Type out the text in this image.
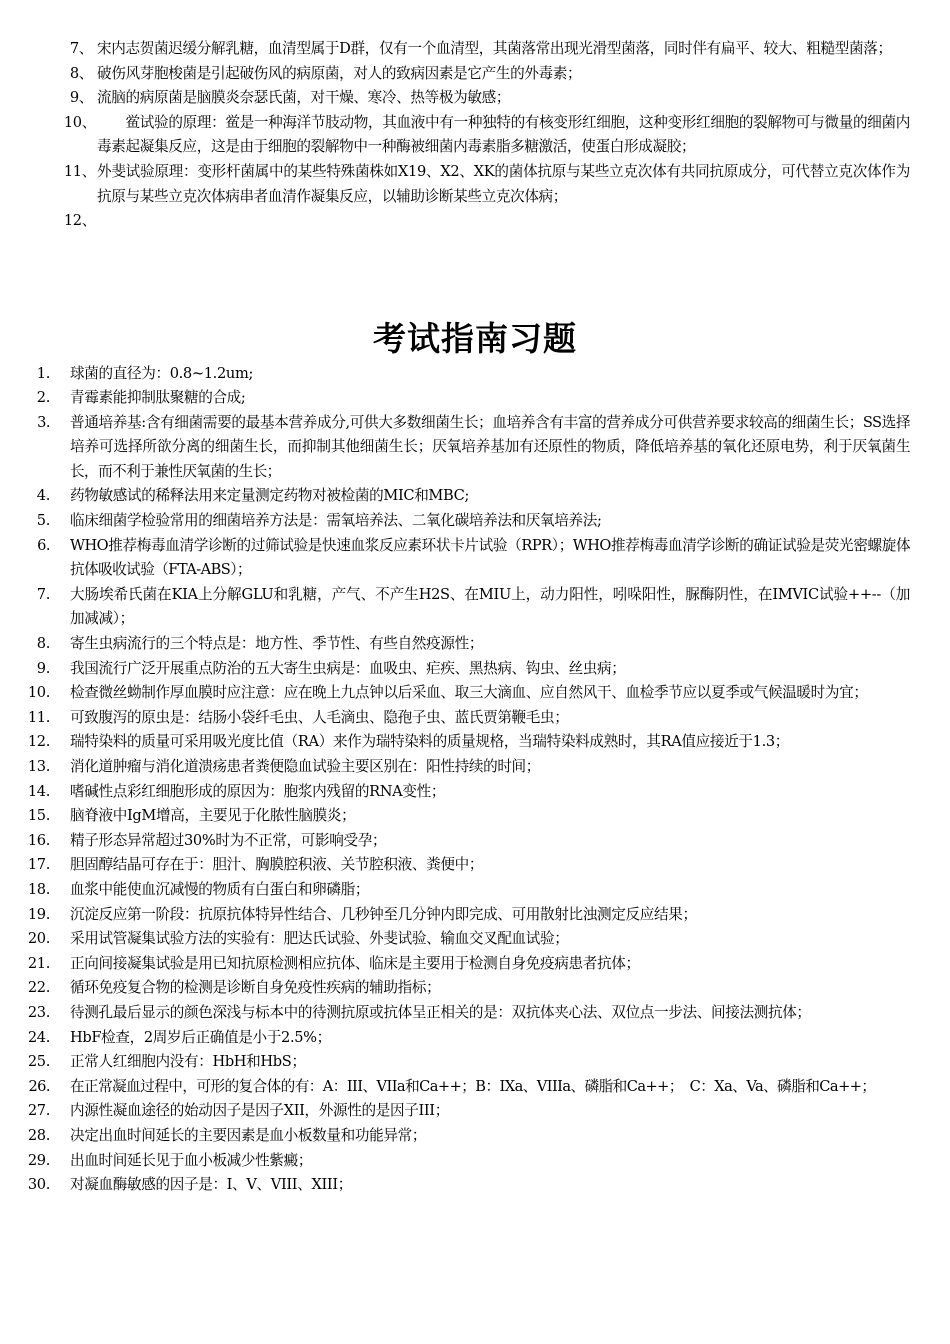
7、 宋内志贺菌迟缓分解乳糖，血清型属于D群，仅有一个血清型，其菌落常出现光滑型菌落，同时伴有扁平、较大、粗糙型菌落；
8、 破伤风芽胞梭菌是引起破伤风的病原菌，对人的致病因素是它产生的外毒素；
9、 流脑的病原菌是脑膜炎奈瑟氏菌，对干燥、寒冷、热等极为敏感；
10、 　　鲎试验的原理：鲎是一种海洋节肢动物，其血液中有一种独特的有核变形红细胞，这种变形红细胞的裂解物可与微量的细菌内毒素起凝集反应，这是由于细胞的裂解物中一种酶被细菌内毒素脂多糖激活，使蛋白形成凝胶；
11、 外斐试验原理：变形杆菌属中的某些特殊菌株如X19、X2、XK的菌体抗原与某些立克次体有共同抗原成分，可代替立克次体作为抗原与某些立克次体病串者血清作凝集反应，以辅助诊断某些立克次体病；
12、
考试指南习题
1. 球菌的直径为：0.8~1.2um;
2. 青霉素能抑制肽聚糖的合成;
3. 普通培养基:含有细菌需要的最基本营养成分,可供大多数细菌生长；血培养含有丰富的营养成分可供营养要求较高的细菌生长；SS选择培养可选择所欲分离的细菌生长，而抑制其他细菌生长；厌氧培养基加有还原性的物质，降低培养基的氧化还原电势，利于厌氧菌生长，而不利于兼性厌氧菌的生长；
4. 药物敏感试的稀释法用来定量测定药物对被检菌的MIC和MBC;
5. 临床细菌学检验常用的细菌培养方法是：需氧培养法、二氧化碳培养法和厌氧培养法;
6. WHO推荐梅毒血清学诊断的过筛试验是快速血浆反应素环状卡片试验（RPR）；WHO推荐梅毒血清学诊断的确证试验是荧光密螺旋体抗体吸收试验（FTA-ABS）；
7. 大肠埃希氏菌在KIA上分解GLU和乳糖，产气、不产生H2S、在MIU上，动力阳性，吲哚阳性，脲酶阴性，在IMVIC试验++--（加加减减）；
8. 寄生虫病流行的三个特点是：地方性、季节性、有些自然疫源性；
9. 我国流行广泛开展重点防治的五大寄生虫病是：血吸虫、疟疾、黑热病、钩虫、丝虫病；
10. 检查微丝蚴制作厚血膜时应注意：应在晚上九点钟以后采血、取三大滴血、应自然风干、血检季节应以夏季或气候温暖时为宜；
11. 可致腹泻的原虫是：结肠小袋纤毛虫、人毛滴虫、隐孢子虫、蓝氏贾第鞭毛虫；
12. 瑞特染料的质量可采用吸光度比值（RA）来作为瑞特染料的质量规格，当瑞特染料成熟时，其RA值应接近于1.3；
13. 消化道肿瘤与消化道溃疡患者粪便隐血试验主要区别在：阳性持续的时间；
14. 嗜碱性点彩红细胞形成的原因为：胞浆内残留的RNA变性；
15. 脑脊液中IgM增高，主要见于化脓性脑膜炎；
16. 精子形态异常超过30%时为不正常，可影响受孕；
17. 胆固醇结晶可存在于：胆汁、胸膜腔积液、关节腔积液、粪便中；
18. 血浆中能使血沉减慢的物质有白蛋白和卵磷脂；
19. 沉淀反应第一阶段：抗原抗体特异性结合、几秒钟至几分钟内即完成、可用散射比浊测定反应结果；
20. 采用试管凝集试验方法的实验有：肥达氏试验、外斐试验、输血交叉配血试验；
21. 正向间接凝集试验是用已知抗原检测相应抗体、临床是主要用于检测自身免疫病患者抗体；
22. 循环免疫复合物的检测是诊断自身免疫性疾病的辅助指标；
23. 待测孔最后显示的颜色深浅与标本中的待测抗原或抗体呈正相关的是：双抗体夹心法、双位点一步法、间接法测抗体；
24. HbF检查，2周岁后正确值是小于2.5%；
25. 正常人红细胞内没有：HbH和HbS；
26. 在正常凝血过程中，可形的复合体的有：A：III、VIIa和Ca++；B：IXa、VIIIa、磷脂和Ca++；　C：Xa、Va、磷脂和Ca++；
27. 内源性凝血途径的始动因子是因子XII，外源性的是因子III；
28. 决定出血时间延长的主要因素是血小板数量和功能异常；
29. 出血时间延长见于血小板减少性紫癜；
30. 对凝血酶敏感的因子是：I、V、VIII、XIII；
